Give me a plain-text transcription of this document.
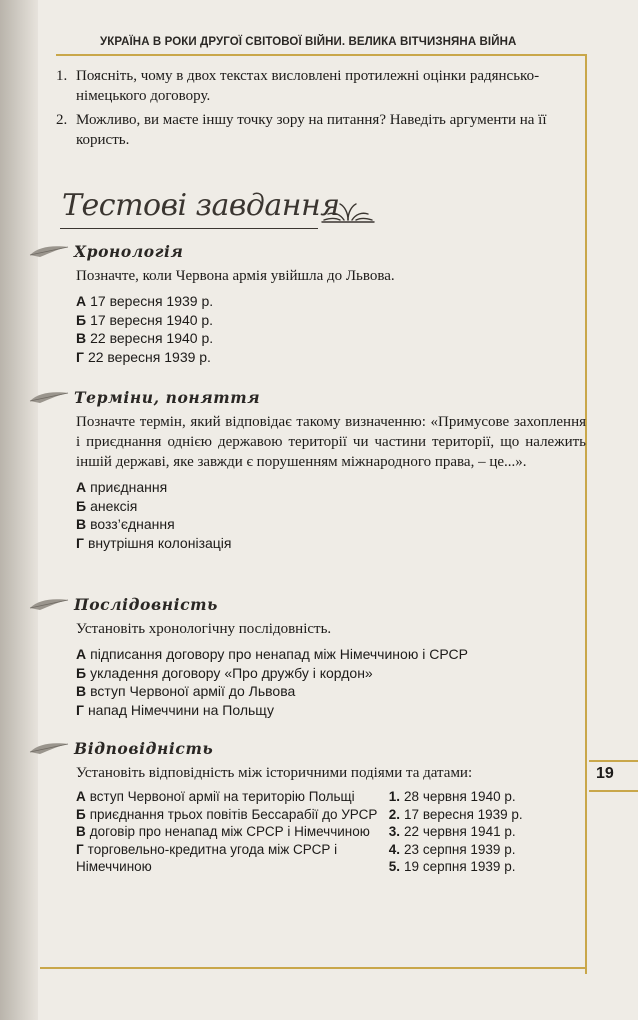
УКРАЇНА В РОКИ ДРУГОЇ СВІТОВОЇ ВІЙНИ. ВЕЛИКА ВІТЧИЗНЯНА ВІЙНА
19
1. Поясніть, чому в двох текстах висловлені протилежні оцінки радянсько-німецького договору.
2. Можливо, ви маєте іншу точку зору на питання? Наведіть аргументи на її користь.
Тестові завдання
Хронологія
Позначте, коли Червона армія увійшла до Львова.
А 17 вересня 1939 р.
Б 17 вересня 1940 р.
В 22 вересня 1940 р.
Г 22 вересня 1939 р.
Терміни, поняття
Позначте термін, який відповідає такому визначенню: «Примусове захоплення і приєднання однією державою території чи частини території, що належить іншій державі, яке завжди є порушенням міжнародного права, – це...».
А приєднання
Б анексія
В возз’єднання
Г внутрішня колонізація
Послідовність
Установіть хронологічну послідовність.
А підписання договору про ненапад між Німеччиною і СРСР
Б укладення договору «Про дружбу і кордон»
В вступ Червоної армії до Львова
Г напад Німеччини на Польщу
Відповідність
Установіть відповідність між історичними подіями та датами:
А вступ Червоної армії на територію Польщі
Б приєднання трьох повітів Бессарабії до УРСР
В договір про ненапад між СРСР і Німеччиною
Г торговельно-кредитна угода між СРСР і Німеччиною
1. 28 червня 1940 р.
2. 17 вересня 1939 р.
3. 22 червня 1941 р.
4. 23 серпня 1939 р.
5. 19 серпня 1939 р.
